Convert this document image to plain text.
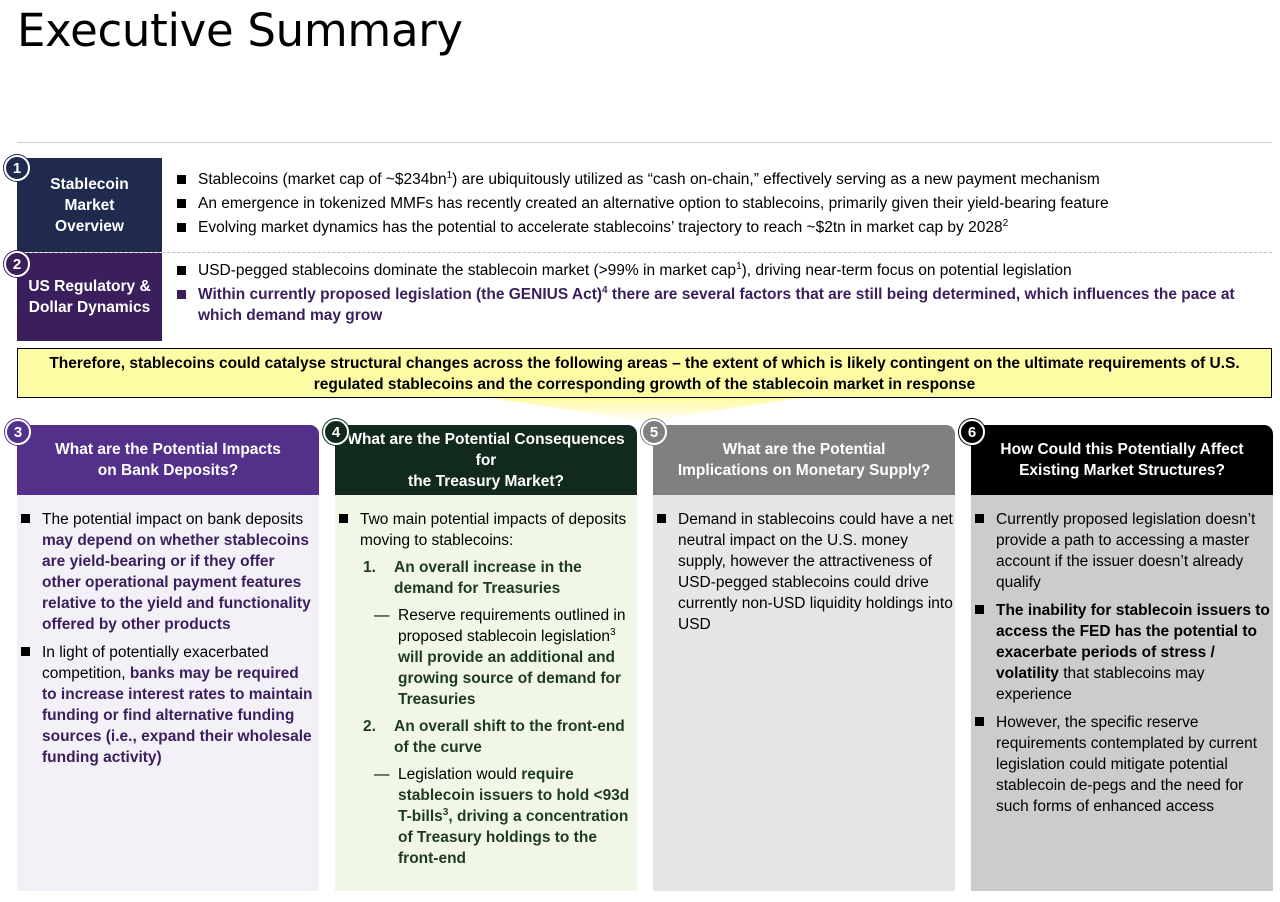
Executive Summary
Stablecoin
Market
Overview
1
Stablecoins (market cap of $\sim\$234bn^1$) are ubiquitously utilized as “cash on-chain,” effectively serving as a new payment mechanism
An emergence in tokenized MMFs has recently created an alternative option to stablecoins, primarily given their yield-bearing feature
Evolving market dynamics has the potential to accelerate stablecoins’ trajectory to reach ~$2tn in market cap by 2028$^2$
US Regulatory &
Dollar Dynamics
2	USD-pegged stablecoins dominate the stablecoin market (>99% in market cap$^1$), driving near-term focus on potential legislation
Within currently proposed legislation (the GENIUS Act)$^4$ there are several factors that are still being determined, which influences the pace at which demand may grow
Therefore, stablecoins could catalyse structural changes across the following areas – the extent of which is likely contingent on the ultimate requirements of U.S.
regulated stablecoins and the corresponding growth of the stablecoin market in response
What are the Potential Impacts
on Bank Deposits?
3
The potential impact on bank deposits may depend on whether stablecoins are yield-bearing or if they offer other operational payment features relative to the yield and functionality offered by other products
In light of potentially exacerbated competition, banks may be required to increase interest rates to maintain funding or find alternative funding sources (i.e., expand their wholesale funding activity)
What are the Potential Consequences
for
the Treasury Market?
4
Two main potential impacts of deposits moving to stablecoins:
1. An overall increase in the demand for Treasuries
— Reserve requirements outlined in proposed stablecoin legislation$^3$ will provide an additional and growing source of demand for Treasuries
2. An overall shift to the front-end of the curve
— Legislation would require stablecoin issuers to hold <93d T-bills$^3$, driving a concentration of Treasury holdings to the front-end
What are the Potential
Implications on Monetary Supply?
5
Demand in stablecoins could have a net neutral impact on the U.S. money supply, however the attractiveness of USD-pegged stablecoins could drive currently non-USD liquidity holdings into USD
How Could this Potentially Affect
Existing Market Structures?
6
Currently proposed legislation doesn’t provide a path to accessing a master account if the issuer doesn’t already qualify
The inability for stablecoin issuers to access the FED has the potential to exacerbate periods of stress / volatility that stablecoins may experience
However, the specific reserve requirements contemplated by current legislation could mitigate potential stablecoin de-pegs and the need for such forms of enhanced access
